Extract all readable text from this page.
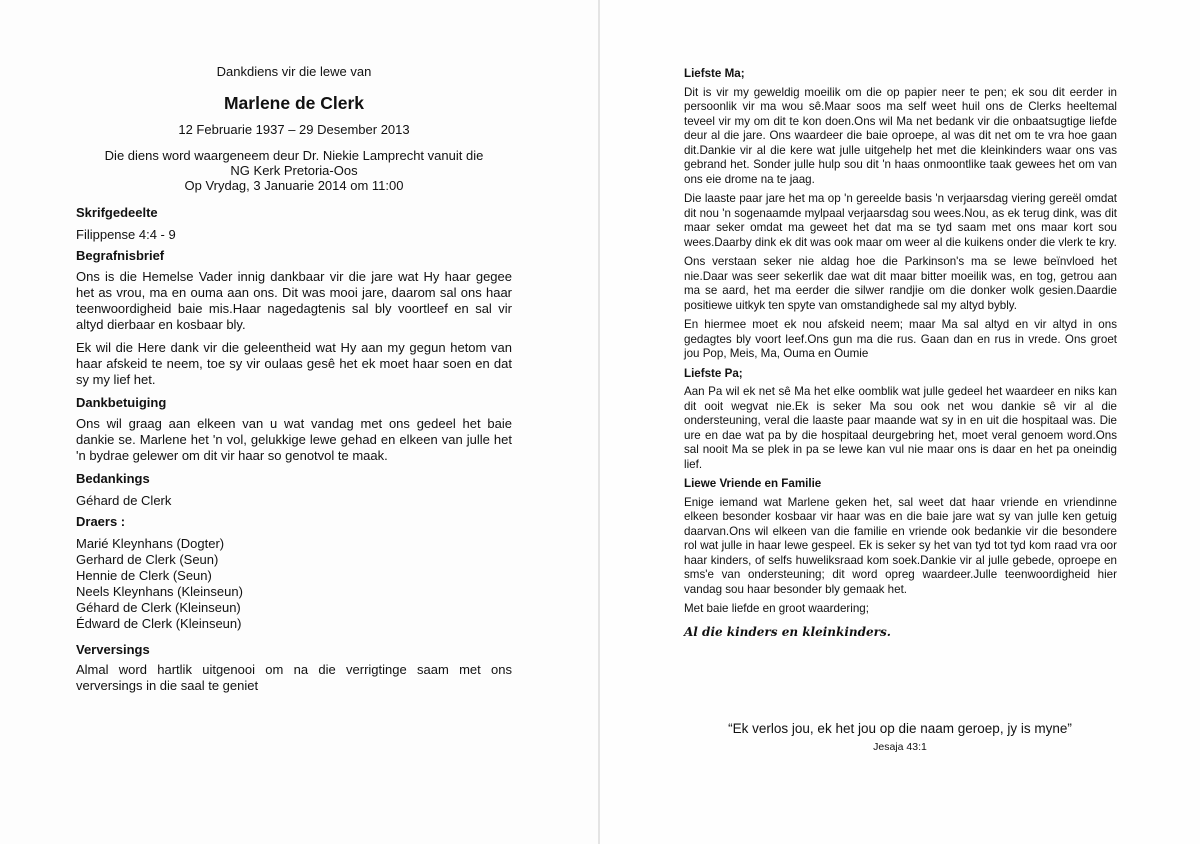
Dankdiens vir die lewe van

Marlene de Clerk

12 Februarie 1937 – 29 Desember 2013

Die diens word waargeneem deur Dr. Niekie Lamprecht vanuit die
NG Kerk Pretoria-Oos
Op Vrydag, 3 Januarie 2014 om 11:00

Skrifgedeelte

Filippense 4:4 - 9

Begrafnisbrief

Ons is die Hemelse Vader innig dankbaar vir die jare wat Hy haar gegee het as vrou, ma en ouma aan ons. Dit was mooi jare, daarom sal ons haar teenwoordigheid baie mis.Haar nagedagtenis sal bly voortleef en sal vir altyd dierbaar en kosbaar bly.

Ek wil die Here dank vir die geleentheid wat Hy aan my gegun hetom van haar afskeid te neem, toe sy vir oulaas gesê het ek moet haar soen en dat sy my lief het.

Dankbetuiging

Ons wil graag aan elkeen van u wat vandag met ons gedeel het baie dankie se. Marlene het 'n vol, gelukkige lewe gehad en elkeen van julle het 'n bydrae gelewer om dit vir haar so genotvol te maak.

Bedankings

Géhard de Clerk

Draers :

Marié Kleynhans (Dogter)
Gerhard de Clerk (Seun)
Hennie de Clerk (Seun)
Neels Kleynhans (Kleinseun)
Géhard de Clerk (Kleinseun)
Édward de Clerk (Kleinseun)

Verversings

Almal word hartlik uitgenooi om na die verrigtinge saam met ons verversings in die saal te geniet

Liefste Ma;

Dit is vir my geweldig moeilik om die op papier neer te pen; ek sou dit eerder in persoonlik vir ma wou sê.Maar soos ma self weet huil ons de Clerks heeltemal teveel vir my om dit te kon doen.Ons wil Ma net bedank vir die onbaatsugtige liefde deur al die jare. Ons waardeer die baie oproepe, al was dit net om te vra hoe gaan dit.Dankie vir al die kere wat julle uitgehelp het met die kleinkinders waar ons vas gebrand het. Sonder julle hulp sou dit 'n haas onmoontlike taak gewees het om van ons eie drome na te jaag.

Die laaste paar jare het ma op 'n gereelde basis 'n verjaarsdag viering gereël omdat dit nou 'n sogenaamde mylpaal verjaarsdag sou wees.Nou, as ek terug dink, was dit maar seker omdat ma geweet het dat ma se tyd saam met ons maar kort sou wees.Daarby dink ek dit was ook maar om weer al die kuikens onder die vlerk te kry.

Ons verstaan seker nie aldag hoe die Parkinson's ma se lewe beïnvloed het nie.Daar was seer sekerlik dae wat dit maar bitter moeilik was, en tog, getrou aan ma se aard, het ma eerder die silwer randjie om die donker wolk gesien.Daardie positiewe uitkyk ten spyte van omstandighede sal my altyd bybly.

En hiermee moet ek nou afskeid neem; maar Ma sal altyd en vir altyd in ons gedagtes bly voort leef.Ons gun ma die rus. Gaan dan en rus in vrede. Ons groet jou Pop, Meis, Ma, Ouma en Oumie

Liefste Pa;

Aan Pa wil ek net sê Ma het elke oomblik wat julle gedeel het waardeer en niks kan dit ooit wegvat nie.Ek is seker Ma sou ook net wou dankie sê vir al die ondersteuning, veral die laaste paar maande wat sy in en uit die hospitaal was. Die ure en dae wat pa by die hospitaal deurgebring het, moet veral genoem word.Ons sal nooit Ma se plek in pa se lewe kan vul nie maar ons is daar en het pa oneindig lief.

Liewe Vriende en Familie

Enige iemand wat Marlene geken het, sal weet dat haar vriende en vriendinne elkeen besonder kosbaar vir haar was en die baie jare wat sy van julle ken getuig daarvan.Ons wil elkeen van die familie en vriende ook bedankie vir die besondere rol wat julle in haar lewe gespeel. Ek is seker sy het van tyd tot tyd kom raad vra oor haar kinders, of selfs huweliksraad kom soek.Dankie vir al julle gebede, oproepe en sms'e van ondersteuning; dit word opreg waardeer.Julle teenwoordigheid hier vandag sou haar besonder bly gemaak het.

Met baie liefde en groot waardering;

Al die kinders en kleinkinders.

“Ek verlos jou, ek het jou op die naam geroep, jy is myne”
Jesaja 43:1
